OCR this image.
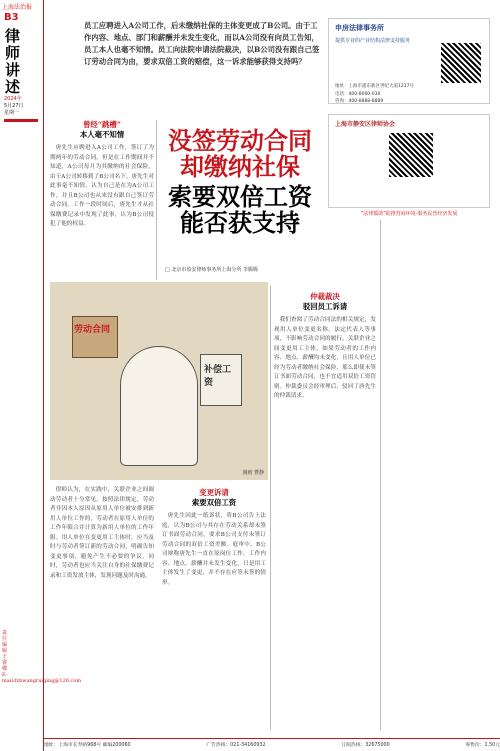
上海法治报
B3
律师讲述
2024年
5月27日
星期一
责任编辑 王睿卿 E-mail:fzbwangruiqing@126.com
员工应聘进入A公司工作，后未缴纳社保的主体变更成了B公司。由于工作内容、地点、部门和薪酬并未发生变化，而以A公司没有向员工告知，员工本人也毫不知情。员工向法院申请法院裁决，以B公司没有跟自己签订劳动合同为由，要求双倍工资的赔偿，这一诉求能够获得支持吗？
申房法律事务所
提供专业的产业结构法律支持服务
地址：上海市浦东新区世纪大道1217号
电话：400-8000-030
咨询：400-8888-8889
上海市静安区律师协会
“法律援助”助推营商环境·服务民营经济发展
没签劳动合同
却缴纳社保
索要双倍工资
能否获支持
□ 北京市盈安律师事务所上海分所 李腾腾
曾经“跳槽”
本人毫不知情

唐先生应聘进入A公司工作，签订了为期两年的劳动合同。但是在工作期间并不知道，A公司每月为其缴纳的社会保险，由于A公司转移到了B公司名下。唐先生对此事毫不知情，认为自己是在为A公司工作，并且B公司也从来没有跟自己签订劳动合同。工作一段时间后，唐先生才从社保缴费记录中发现了此事，认为B公司侵犯了他的权益。

劳动合同
补偿工资
漫画 曹静

律师认为，在实践中，关联企业之间调动劳动者十分常见。按照法律规定，劳动者非因本人原因从原用人单位被安排到新用人单位工作的，劳动者在原用人单位的工作年限合并计算为新用人单位的工作年限。用人单位在变更用工主体时，应当及时与劳动者签订新的劳动合同，明确告知变更事项，避免产生不必要的争议。同时，劳动者也应当关注自身的社保缴费记录和工资发放主体，发现问题及时沟通。

变更诉请
索要双倍工资

唐先生因此一纸诉状，将B公司告上法庭，认为B公司与其存在劳动关系却未签订书面劳动合同，要求B公司支付未签订劳动合同的双倍工资差额。庭审中，B公司辩称唐先生一直在原岗位工作，工作内容、地点、薪酬并未发生变化，只是用工主体发生了变更，并不存在应签未签的情形。

仲裁裁决
驳回员工诉请

我们查阅了劳动合同法的相关规定，发现用人单位变更名称、法定代表人等事项，不影响劳动合同的履行。关联企业之间变更用工主体，如果劳动者的工作内容、地点、薪酬均未变化，且用人单位已经为劳动者缴纳社会保险，那么即使未签订书面劳动合同，也不宜适用双倍工资罚则。仲裁委员会经审理后，驳回了唐先生的仲裁请求。

地址：上海市长寿路968号 邮编200060	广告热线：021-34160932	订阅热线：32675000	零售价：1.50元
